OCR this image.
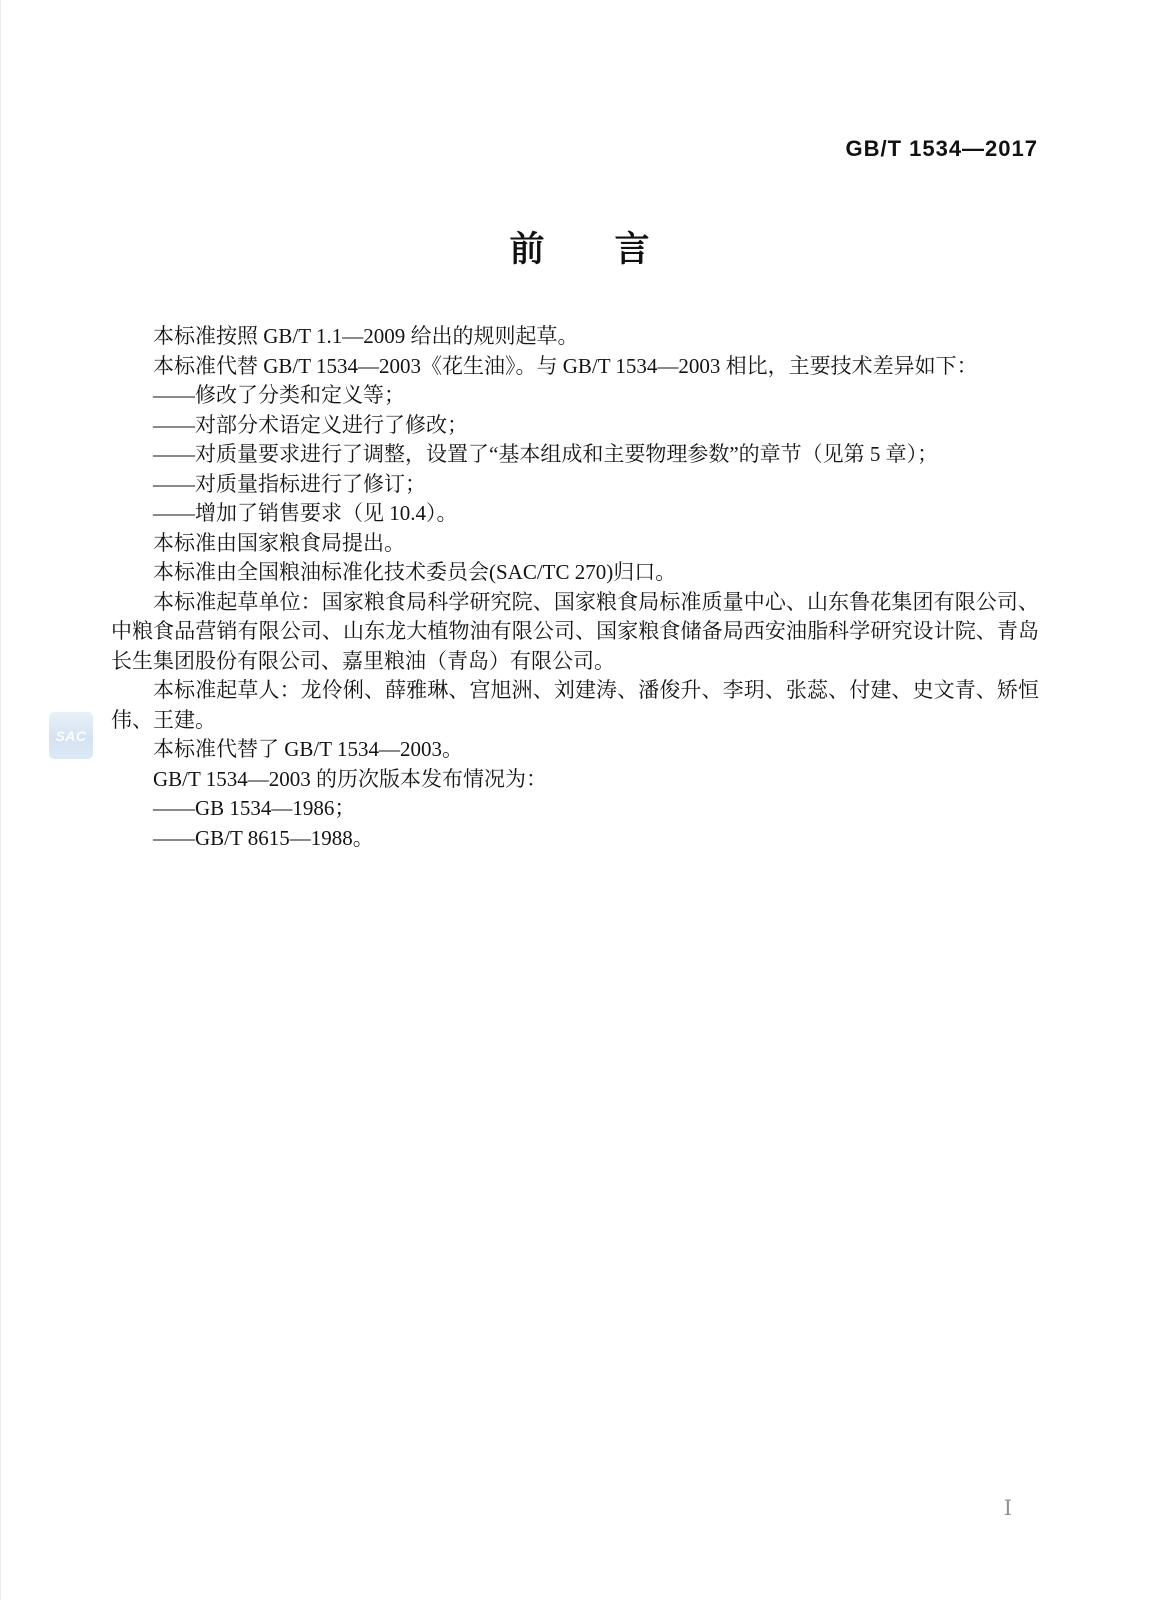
GB/T 1534—2017
前　　言

本标准按照 GB/T 1.1—2009 给出的规则起草。

本标准代替 GB/T 1534—2003《花生油》。与 GB/T 1534—2003 相比，主要技术差异如下：

——修改了分类和定义等；

——对部分术语定义进行了修改；

——对质量要求进行了调整，设置了“基本组成和主要物理参数”的章节（见第 5 章）；

——对质量指标进行了修订；

——增加了销售要求（见 10.4）。

本标准由国家粮食局提出。

本标准由全国粮油标准化技术委员会(SAC/TC 270)归口。

本标准起草单位：国家粮食局科学研究院、国家粮食局标准质量中心、山东鲁花集团有限公司、中粮食品营销有限公司、山东龙大植物油有限公司、国家粮食储备局西安油脂科学研究设计院、青岛长生集团股份有限公司、嘉里粮油（青岛）有限公司。

本标准起草人：龙伶俐、薛雅琳、宫旭洲、刘建涛、潘俊升、李玥、张蕊、付建、史文青、矫恒伟、王建。

本标准代替了 GB/T 1534—2003。

GB/T 1534—2003 的历次版本发布情况为：

——GB 1534—1986；

——GB/T 8615—1988。

SAC
Ⅰ
